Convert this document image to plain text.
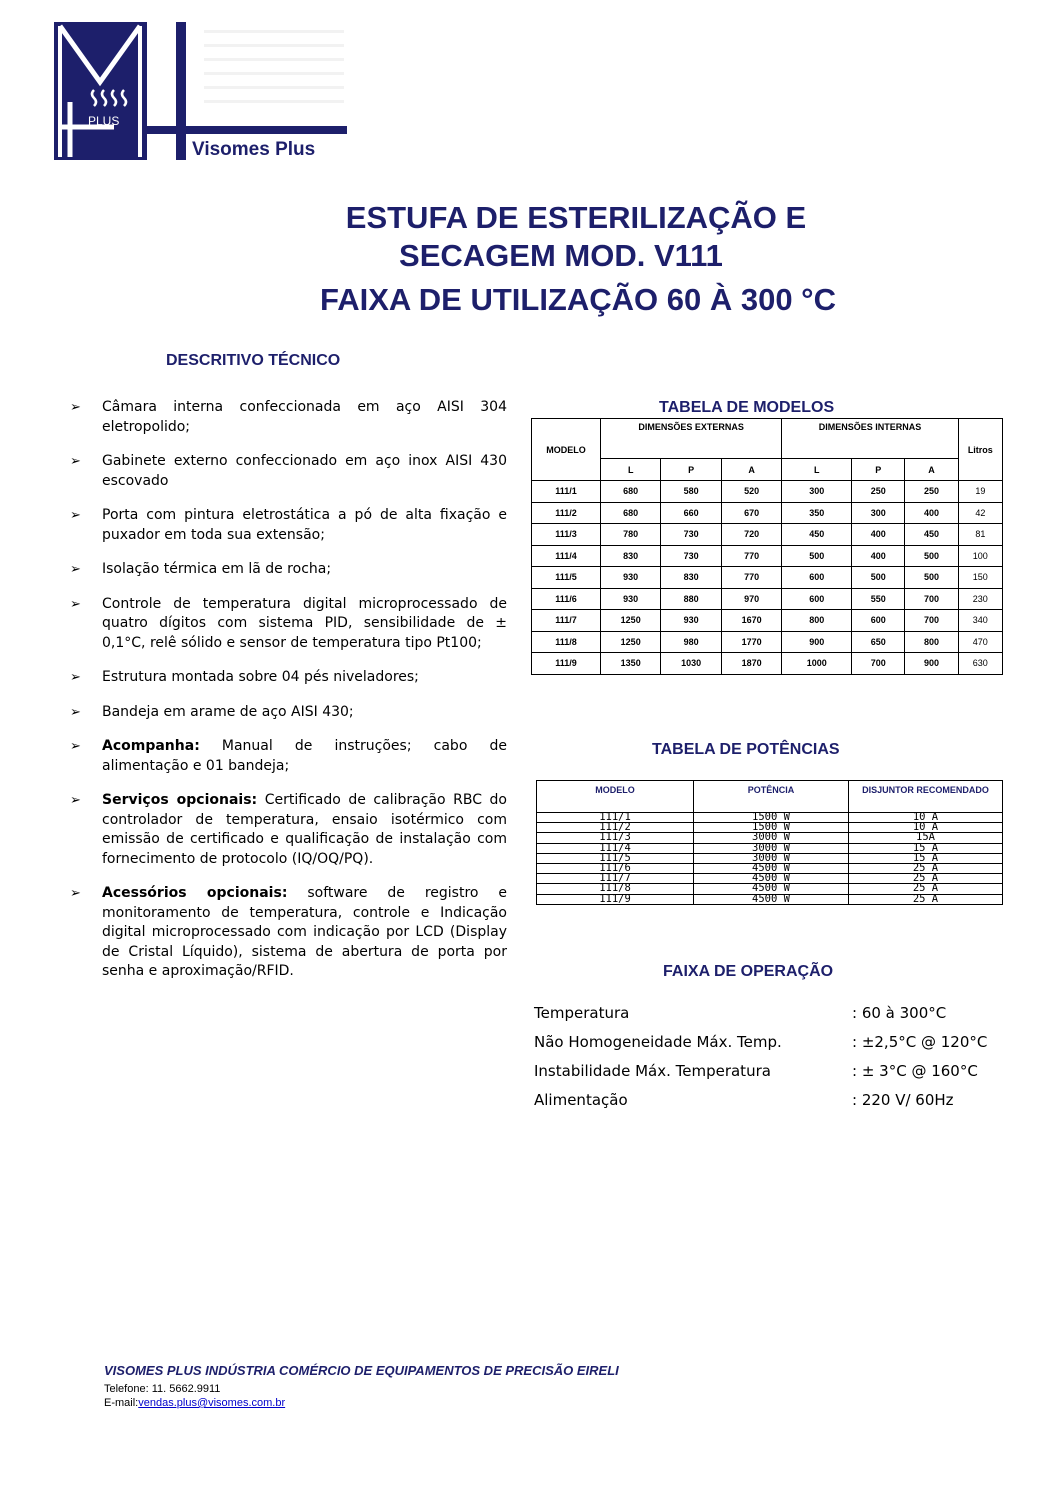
PLUS
Visomes Plus
ESTUFA DE ESTERILIZAÇÃO E
SECAGEM MOD. V111
FAIXA DE UTILIZAÇÃO 60 À 300 °C
DESCRITIVO TÉCNICO
➢ Câmara interna confeccionada em aço AISI 304 eletropolido;
➢ Gabinete externo confeccionado em aço inox AISI 430 escovado
➢ Porta com pintura eletrostática a pó de alta fixação e puxador em toda sua extensão;
➢ Isolação térmica em lã de rocha;
➢ Controle de temperatura digital microprocessado de quatro dígitos com sistema PID, sensibilidade de ± 0,1°C, relê sólido e sensor de temperatura tipo Pt100;
➢ Estrutura montada sobre 04 pés niveladores;
➢ Bandeja em arame de aço AISI 430;
➢ Acompanha: Manual de instruções; cabo de alimentação e 01 bandeja;
➢ Serviços opcionais: Certificado de calibração RBC do controlador de temperatura, ensaio isotérmico com emissão de certificado e qualificação de instalação com fornecimento de protocolo (IQ/OQ/PQ).
➢ Acessórios opcionais: software de registro e monitoramento de temperatura, controle e Indicação digital microprocessado com indicação por LCD (Display de Cristal Líquido), sistema de abertura de porta por senha e aproximação/RFID.
TABELA DE MODELOS
MODELO	DIMENSÕES EXTERNAS			DIMENSÕES INTERNAS			Litros
	L	P	A	L	P	A	
111/1	680	580	520	300	250	250	19
111/2	680	660	670	350	300	400	42
111/3	780	730	720	450	400	450	81
111/4	830	730	770	500	400	500	100
111/5	930	830	770	600	500	500	150
111/6	930	880	970	600	550	700	230
111/7	1250	930	1670	800	600	700	340
111/8	1250	980	1770	900	650	800	470
111/9	1350	1030	1870	1000	700	900	630
TABELA DE POTÊNCIAS
MODELO	POTÊNCIA	DISJUNTOR RECOMENDADO
111/1	1500 W	10 A
111/2	1500 W	10 A
111/3	3000 W	15A
111/4	3000 W	15 A
111/5	3000 W	15 A
111/6	4500 W	25 A
111/7	4500 W	25 A
111/8	4500 W	25 A
111/9	4500 W	25 A
FAIXA DE OPERAÇÃO
Temperatura	: 60 à 300°C
Não Homogeneidade Máx. Temp.	: ±2,5°C @ 120°C
Instabilidade Máx. Temperatura	: ± 3°C @ 160°C
Alimentação	: 220 V/ 60Hz
VISOMES PLUS INDÚSTRIA COMÉRCIO DE EQUIPAMENTOS DE PRECISÃO EIRELI
Telefone: 11. 5662.9911
E-mail:vendas.plus@visomes.com.br
